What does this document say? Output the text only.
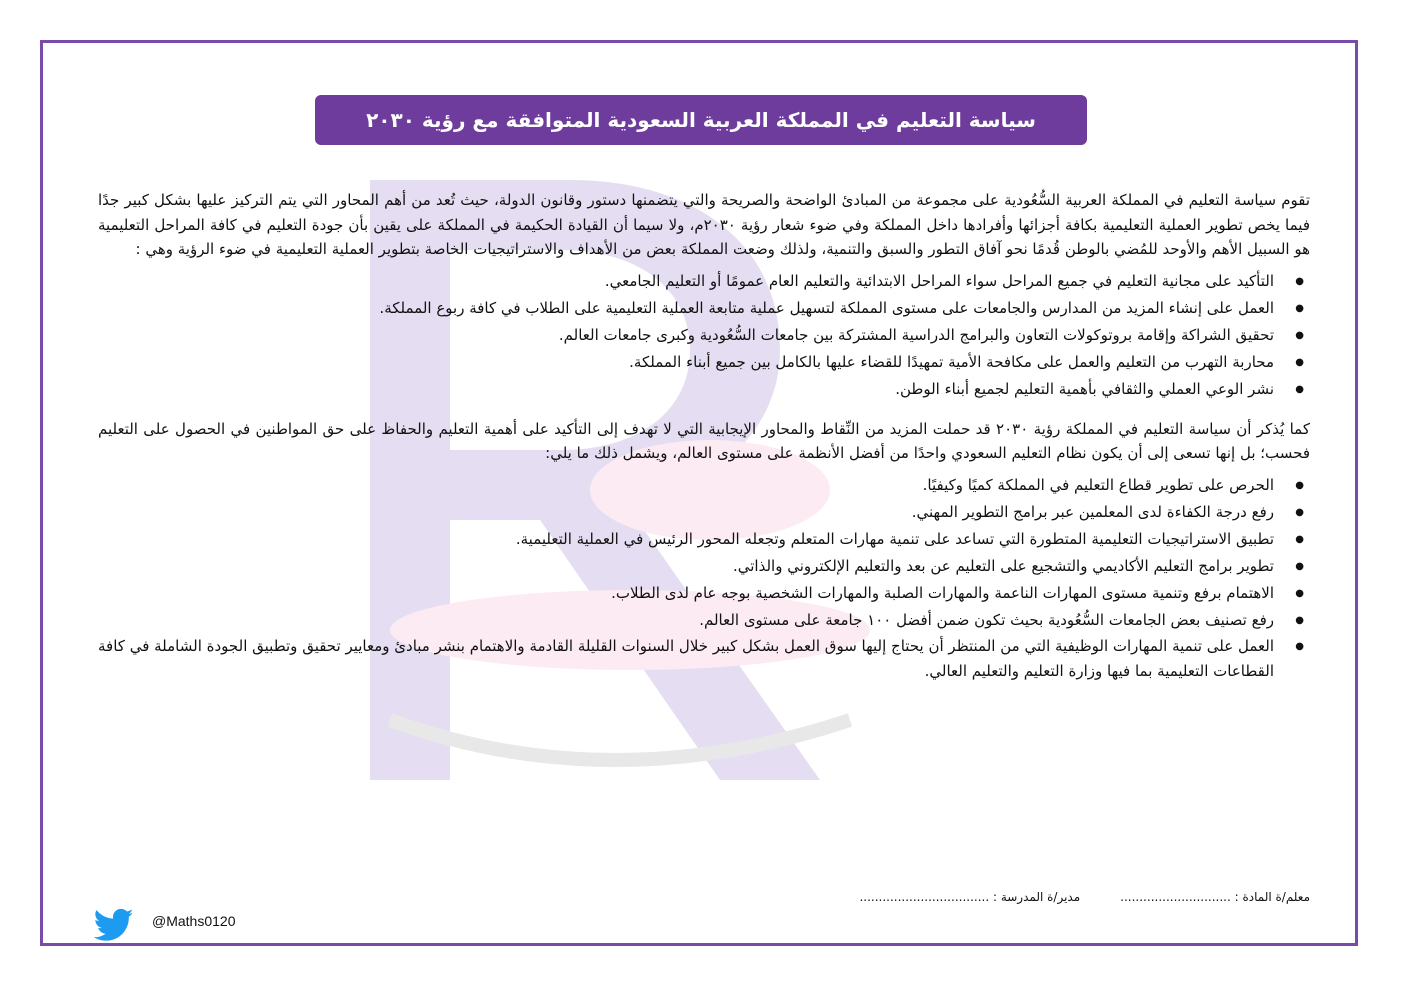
سياسة التعليم في المملكة العربية السعودية المتوافقة مع رؤية ٢٠٣٠

تقوم سياسة التعليم في المملكة العربية السُّعُودية على مجموعة من المبادئ الواضحة والصريحة والتي يتضمنها دستور وقانون الدولة، حيث تُعد من أهم المحاور التي يتم التركيز عليها بشكل كبير جدًا فيما يخص تطوير العملية التعليمية بكافة أجزائها وأفرادها داخل المملكة وفي ضوء شعار رؤية ٢٠٣٠م، ولا سيما أن القيادة الحكيمة في المملكة على يقين بأن جودة التعليم في كافة المراحل التعليمية هو السبيل الأهم والأوحد للمُضي بالوطن قُدمًا نحو آفاق التطور والسبق والتنمية، ولذلك وضعت المملكة بعض من الأهداف والاستراتيجيات الخاصة بتطوير العملية التعليمية في ضوء الرؤية وهي :

● التأكيد على مجانية التعليم في جميع المراحل سواء المراحل الابتدائية والتعليم العام عمومًا أو التعليم الجامعي.
● العمل على إنشاء المزيد من المدارس والجامعات على مستوى المملكة لتسهيل عملية متابعة العملية التعليمية على الطلاب في كافة ربوع المملكة.
● تحقيق الشراكة وإقامة بروتوكولات التعاون والبرامج الدراسية المشتركة بين جامعات السُّعُودية وكبرى جامعات العالم.
● محاربة التهرب من التعليم والعمل على مكافحة الأمية تمهيدًا للقضاء عليها بالكامل بين جميع أبناء المملكة.
● نشر الوعي العملي والثقافي بأهمية التعليم لجميع أبناء الوطن.

كما يُذكر أن سياسة التعليم في المملكة رؤية ٢٠٣٠ قد حملت المزيد من النِّقاط والمحاور الإيجابية التي لا تهدف إلى التأكيد على أهمية التعليم والحفاظ على حق المواطنين في الحصول على التعليم فحسب؛ بل إنها تسعى إلى أن يكون نظام التعليم السعودي واحدًا من أفضل الأنظمة على مستوى العالم، ويشمل ذلك ما يلي:

● الحرص على تطوير قطاع التعليم في المملكة كميًا وكيفيًا.
● رفع درجة الكفاءة لدى المعلمين عبر برامج التطوير المهني.
● تطبيق الاستراتيجيات التعليمية المتطورة التي تساعد على تنمية مهارات المتعلم وتجعله المحور الرئيس في العملية التعليمية.
● تطوير برامج التعليم الأكاديمي والتشجيع على التعليم عن بعد والتعليم الإلكتروني والذاتي.
● الاهتمام برفع وتنمية مستوى المهارات الناعمة والمهارات الصلبة والمهارات الشخصية بوجه عام لدى الطلاب.
● رفع تصنيف بعض الجامعات السُّعُودية بحيث تكون ضمن أفضل ١٠٠ جامعة على مستوى العالم.
● العمل على تنمية المهارات الوظيفية التي من المنتظر أن يحتاج إليها سوق العمل بشكل كبير خلال السنوات القليلة القادمة والاهتمام بنشر مبادئ ومعايير تحقيق وتطبيق الجودة الشاملة في كافة القطاعات التعليمية بما فيها وزارة التعليم والتعليم العالي.
معلم/ة المادة : .............................
مدير/ة المدرسة : ..................................
@Maths0120
